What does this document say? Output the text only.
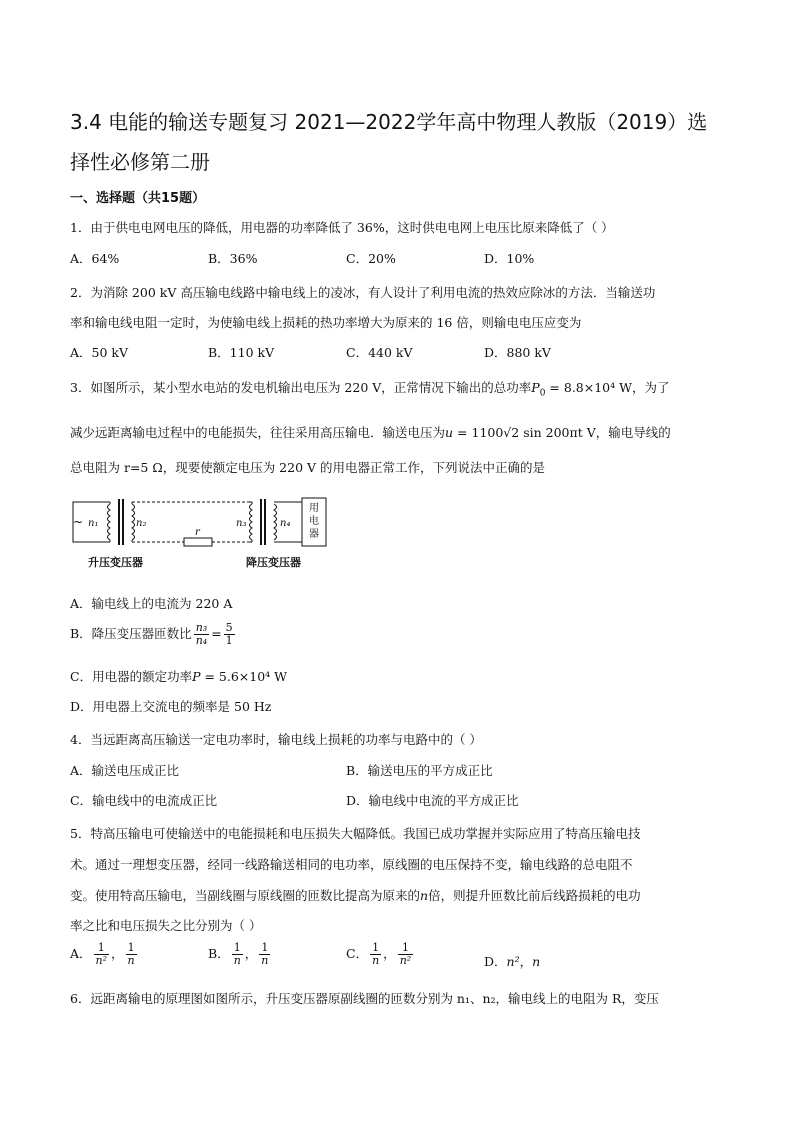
3.4 电能的输送专题复习 2021—2022学年高中物理人教版（2019）选
择性必修第二册
一、选择题（共15题）
1．由于供电电网电压的降低，用电器的功率降低了 36%，这时供电电网上电压比原来降低了（ ）
A．64%	B．36%	C．20%	D．10%
2．为消除 200 kV 高压输电线路中输电线上的凌冰，有人设计了利用电流的热效应除冰的方法．当输送功
率和输电线电阻一定时，为使输电线上损耗的热功率增大为原来的 16 倍，则输电电压应变为
A．50 kV	B．110 kV	C．440 kV	D．880 kV
3．如图所示，某小型水电站的发电机输出电压为 220 V，正常情况下输出的总功率$P_0 = 8.8\times 10^4$ W，为了
减少远距离输电过程中的电能损失，往往采用高压输电．输送电压为u = 1100√2 sin 200πt V，输电导线的
总电阻为 r=5 Ω，现要使额定电压为 220 V 的用电器正常工作，下列说法中正确的是
n₁	n₂	n₃	n₄
r
~
用
电
器
升压变压器	降压变压器
A．输电线上的电流为 220 A
B．降压变压器匝数比 $\frac{\text{n₃}}{\text{n₄}} = \frac{5}{1}$
C．用电器的额定功率P = 5.6×10⁴ W
D．用电器上交流电的频率是 50 Hz
4．当远距离高压输送一定电功率时，输电线上损耗的功率与电路中的（ ）
A．输送电压成正比	B．输送电压的平方成正比
C．输电线中的电流成正比	D．输电线中电流的平方成正比
5．特高压输电可使输送中的电能损耗和电压损失大幅降低。我国已成功掌握并实际应用了特高压输电技
术。通过一理想变压器，经同一线路输送相同的电功率，原线圈的电压保持不变，输电线路的总电阻不
变。使用特高压输电，当副线圈与原线圈的匝数比提高为原来的n倍，则提升匝数比前后线路损耗的电功
率之比和电压损失之比分别为（ ）
A． $\frac{1}{\text{n²}}$ ， $\frac{1}{n}$	B． $\frac{1}{n}$ ， $\frac{1}{n}$	C． $\frac{1}{n}$ ， $\frac{1}{\text{n²}}$	D．n²，n
6．远距离输电的原理图如图所示，升压变压器原副线圈的匝数分别为 n₁、n₂，输电线上的电阻为 R，变压
